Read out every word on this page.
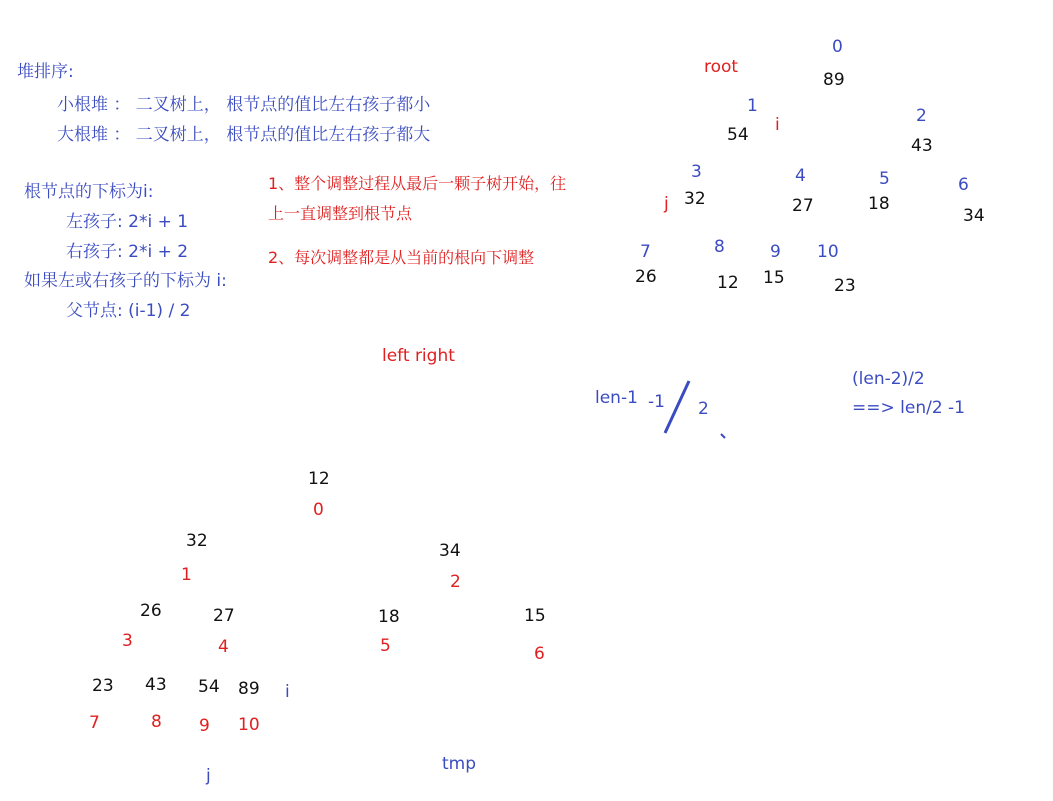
堆排序:
小根堆 ： 二叉树上， 根节点的值比左右孩子都小
大根堆 ： 二叉树上， 根节点的值比左右孩子都大
根节点的下标为i:
左孩子: 2*i + 1
右孩子: 2*i + 2
如果左或右孩子的下标为 i:
父节点: (i-1) / 2
1、整个调整过程从最后一颗子树开始，往
上一直调整到根节点
2、每次调整都是从当前的根向下调整
left right
len-1 -1 2
(len-2)/2
==> len/2 -1
root
i
j
0
89
1
54
2
43
3
32
4
27
5
18
6
34
7
26
8
12
9
15
10
23
12
0
32
1
34
2
26
3
27
4
18
5
15
6
23
7
43
8
54
9
89
10
i
j
tmp
